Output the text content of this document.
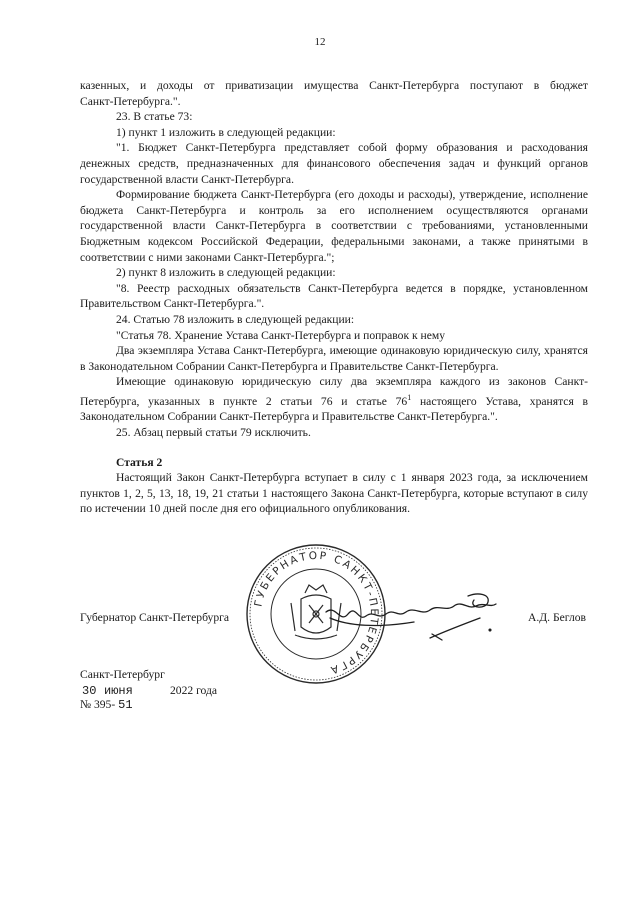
12

казенных, и доходы от приватизации имущества Санкт-Петербурга поступают в бюджет

Санкт-Петербурга.".

23. В статье 73:

1) пункт 1 изложить в следующей редакции:

"1. Бюджет Санкт-Петербурга представляет собой форму образования и расходования денежных средств, предназначенных для финансового обеспечения задач и функций органов государственной власти Санкт-Петербурга.

Формирование бюджета Санкт-Петербурга (его доходы и расходы), утверждение, исполнение бюджета Санкт-Петербурга и контроль за его исполнением осуществляются органами государственной власти Санкт-Петербурга в соответствии с требованиями, установленными Бюджетным кодексом Российской Федерации, федеральными законами, а также принятыми в соответствии с ними законами Санкт-Петербурга.";

2) пункт 8 изложить в следующей редакции:

"8. Реестр расходных обязательств Санкт-Петербурга ведется в порядке, установленном Правительством Санкт-Петербурга.".

24. Статью 78 изложить в следующей редакции:

"Статья 78. Хранение Устава Санкт-Петербурга и поправок к нему

Два экземпляра Устава Санкт-Петербурга, имеющие одинаковую юридическую силу, хранятся в Законодательном Собрании Санкт-Петербурга и Правительстве Санкт-Петербурга.

Имеющие одинаковую юридическую силу два экземпляра каждого из законов Санкт-Петербурга, указанных в пункте 2 статьи 76 и статье $76^1$ настоящего Устава, хранятся в Законодательном Собрании Санкт-Петербурга и Правительстве Санкт-Петербурга.".

25. Абзац первый статьи 79 исключить.

Статья 2

Настоящий Закон Санкт-Петербурга вступает в силу с 1 января 2023 года, за исключением пунктов 1, 2, 5, 13, 18, 19, 21 статьи 1 настоящего Закона Санкт-Петербурга, которые вступают в силу по истечении 10 дней после дня его официального опубликования.

ГУБЕРНАТОР САНКТ-ПЕТЕРБУРГА
Губернатор Санкт-Петербурга	А.Д. Беглов
Санкт-Петербург
30 июня	2022 года
№ 395- 51
